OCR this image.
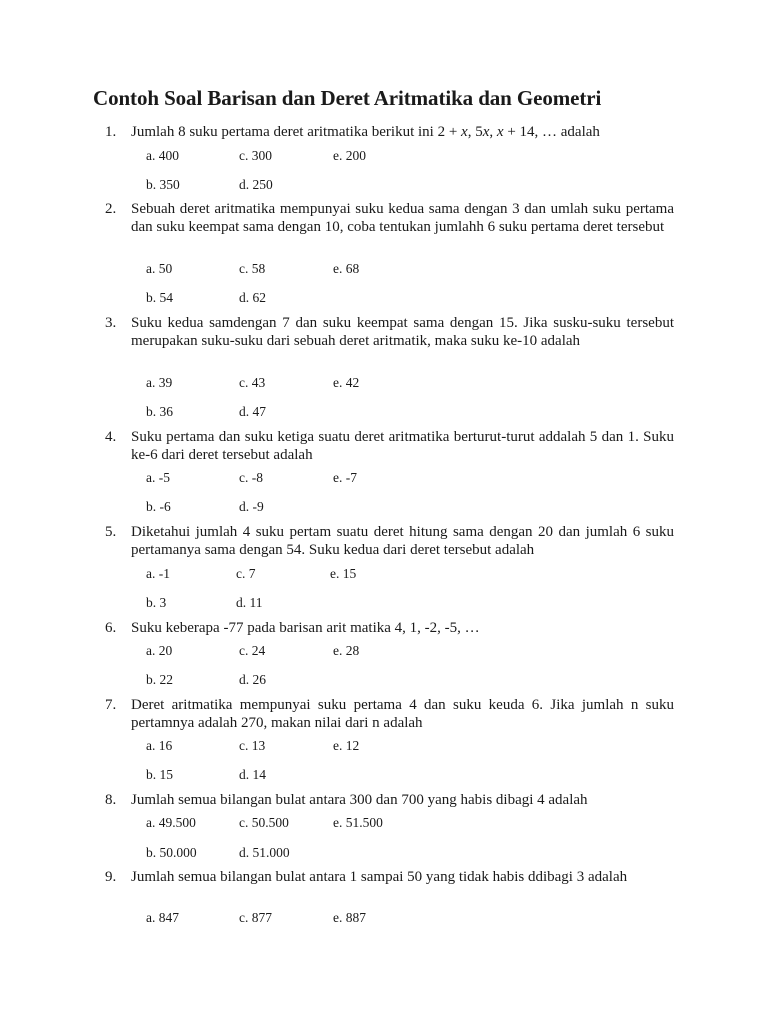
Contoh Soal Barisan dan Deret Aritmatika dan Geometri
1. Jumlah 8 suku pertama deret aritmatika berikut ini 2 + x, 5x, x + 14, … adalah
a. 400	c. 300	e. 200
b. 350	d. 250
2. Sebuah deret aritmatika mempunyai suku kedua sama dengan 3 dan umlah suku pertama dan suku keempat sama dengan 10, coba tentukan jumlahh 6 suku pertama deret tersebut
a. 50	c. 58	e. 68
b. 54	d. 62
3. Suku kedua samdengan 7 dan suku keempat sama dengan 15. Jika susku-suku tersebut merupakan suku-suku dari sebuah deret aritmatik, maka suku ke-10 adalah
a. 39	c. 43	e. 42
b. 36	d. 47
4. Suku pertama dan suku ketiga suatu deret aritmatika berturut-turut addalah 5 dan 1. Suku ke-6 dari deret tersebut adalah
a. -5	c. -8	e. -7
b. -6	d. -9
5. Diketahui jumlah 4 suku pertam suatu deret hitung sama dengan 20 dan jumlah 6 suku pertamanya sama dengan 54. Suku kedua dari deret tersebut adalah
a. -1	c. 7	e. 15
b. 3	d. 11
6. Suku keberapa -77 pada barisan arit matika 4, 1, -2, -5, …
a. 20	c. 24	e. 28
b. 22	d. 26
7. Deret aritmatika mempunyai suku pertama 4 dan suku keuda 6. Jika jumlah n suku pertamnya adalah 270, makan nilai dari n adalah
a. 16	c. 13	e. 12
b. 15	d. 14
8. Jumlah semua bilangan bulat antara 300 dan 700 yang habis dibagi 4 adalah
a. 49.500	c. 50.500	e. 51.500
b. 50.000	d. 51.000
9. Jumlah semua bilangan bulat antara 1 sampai 50 yang tidak habis ddibagi 3 adalah
a. 847	c. 877	e. 887
